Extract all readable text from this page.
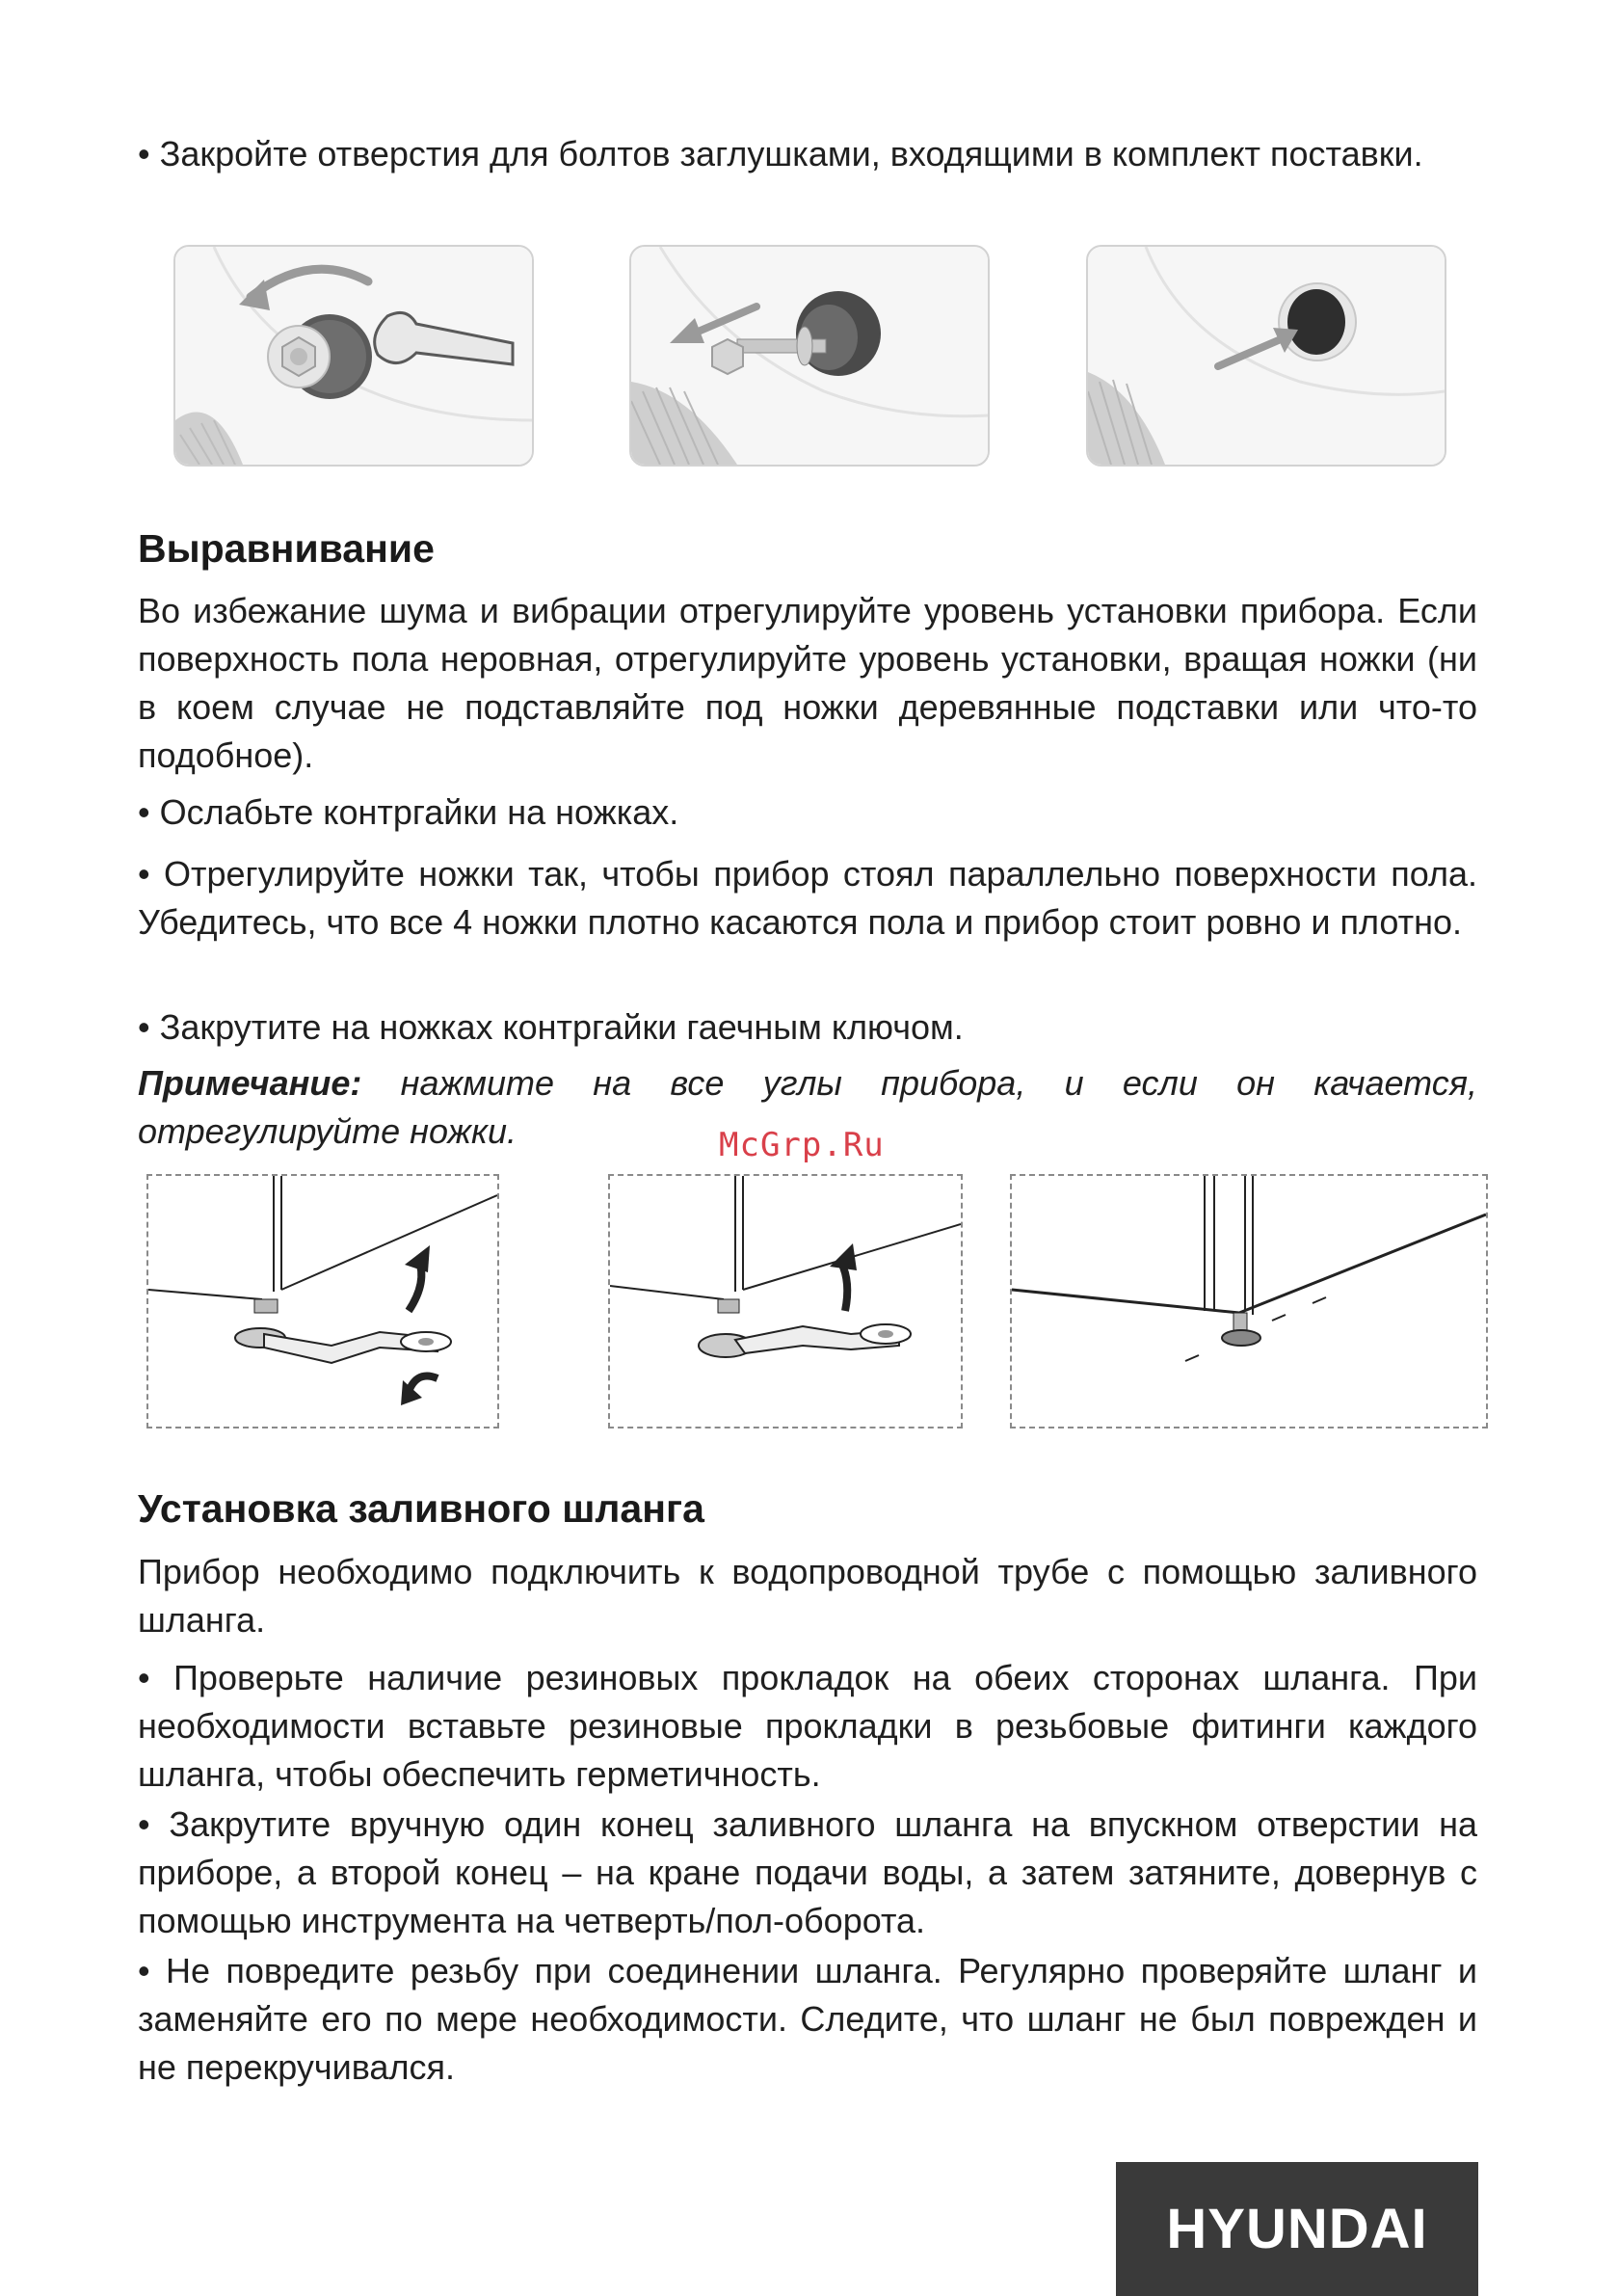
• Закройте отверстия для болтов заглушками, входящими в комплект поставки.

Выравнивание

Во избежание шума и вибрации отрегулируйте уровень установки прибора. Если поверхность пола неровная, отрегулируйте уровень установки, вращая ножки (ни в коем случае не подставляйте под ножки деревянные подставки или что-то подобное).

• Ослабьте контргайки на ножках.

• Отрегулируйте ножки так, чтобы прибор стоял параллельно поверхности пола. Убедитесь, что все 4 ножки плотно касаются пола и прибор стоит ровно и плотно.

• Закрутите на ножках контргайки гаечным ключом.

Примечание: нажмите на все углы прибора, и если он качается, отрегулируйте ножки.	McGrp.Ru
Установка заливного шланга

Прибор необходимо подключить к водопроводной трубе с помощью заливного шланга.

• Проверьте наличие резиновых прокладок на обеих сторонах шланга. При необходимости вставьте резиновые прокладки в резьбовые фитинги каждого шланга, чтобы обеспечить герметичность.

• Закрутите вручную один конец заливного шланга на впускном отверстии на приборе, а второй конец – на кране подачи воды, а затем затяните, довернув с помощью инструмента на четверть/пол-оборота.

• Не повредите резьбу при соединении шланга. Регулярно проверяйте шланг и заменяйте его по мере необходимости. Следите, что шланг не был поврежден и не перекручивался.

HYUNDAI
